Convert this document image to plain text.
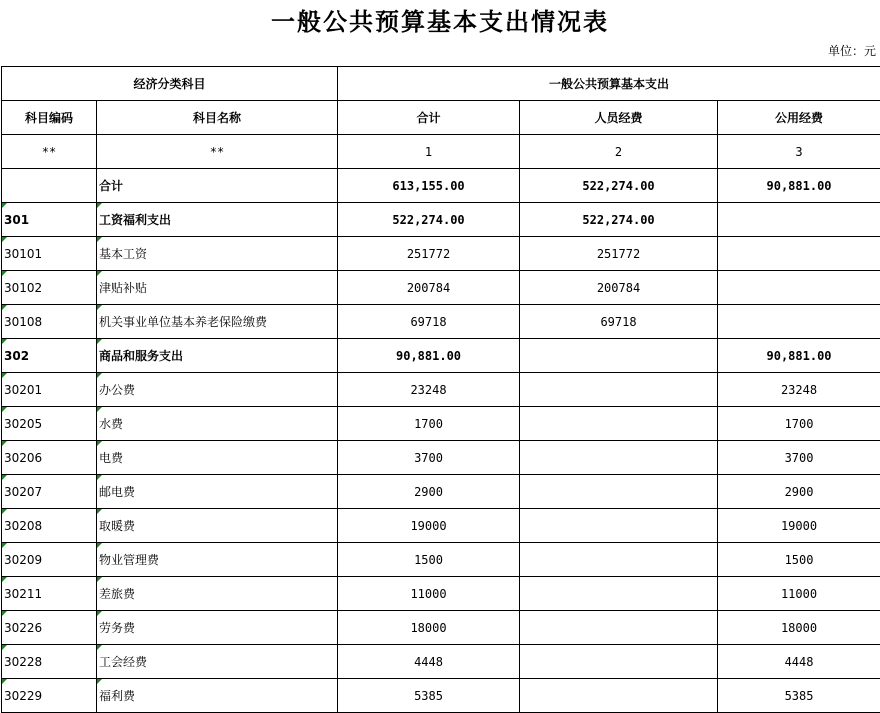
一般公共预算基本支出情况表
单位：元
经济分类科目		一般公共预算基本支出		
科目编码	科目名称	合计	人员经费	公用经费
**	**	1	2	3
	合计	613,155.00	522,274.00	90,881.00
301	工资福利支出	522,274.00	522,274.00	
30101	基本工资	251772	251772	
30102	津贴补贴	200784	200784	
30108	机关事业单位基本养老保险缴费	69718	69718	
302	商品和服务支出	90,881.00		90,881.00
30201	办公费	23248		23248
30205	水费	1700		1700
30206	电费	3700		3700
30207	邮电费	2900		2900
30208	取暖费	19000		19000
30209	物业管理费	1500		1500
30211	差旅费	11000		11000
30226	劳务费	18000		18000
30228	工会经费	4448		4448
30229	福利费	5385		5385
